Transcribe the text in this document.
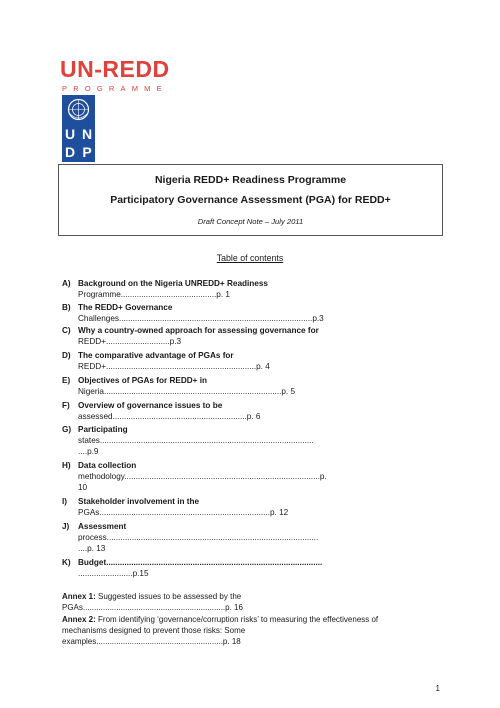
UN-REDD
PROGRAMME
U N
D P
Nigeria REDD+ Readiness Programme
Participatory Governance Assessment (PGA) for REDD+
Draft Concept Note – July 2011
Table of contents
A) Background on the Nigeria UNREDD+ Readiness
Programme..........................................p. 1
B) The REDD+ Governance
Challenges.....................................................................................p.3
C) Why a country-owned approach for assessing governance for
REDD+............................p.3
D) The comparative advantage of PGAs for
REDD+..................................................................p. 4
E) Objectives of PGAs for REDD+ in
Nigeria..............................................................................p. 5
F) Overview of governance issues to be
assessed...........................................................p. 6
G) Participating
states..............................................................................................
....p.9
H) Data collection
methodology......................................................................................p.
10
I) Stakeholder involvement in the
PGAs...........................................................................p. 12
J) Assessment
process.............................................................................................
....p. 13
K) Budget...............................................................................................
........................p.15
Annex 1: Suggested issues to be assessed by the
PGAs................................................................p. 16
Annex 2: From identifying ‘governance/corruption risks’ to measuring the effectiveness of
mechanisms designed to prevent those risks: Some
examples.........................................................p. 18
1
